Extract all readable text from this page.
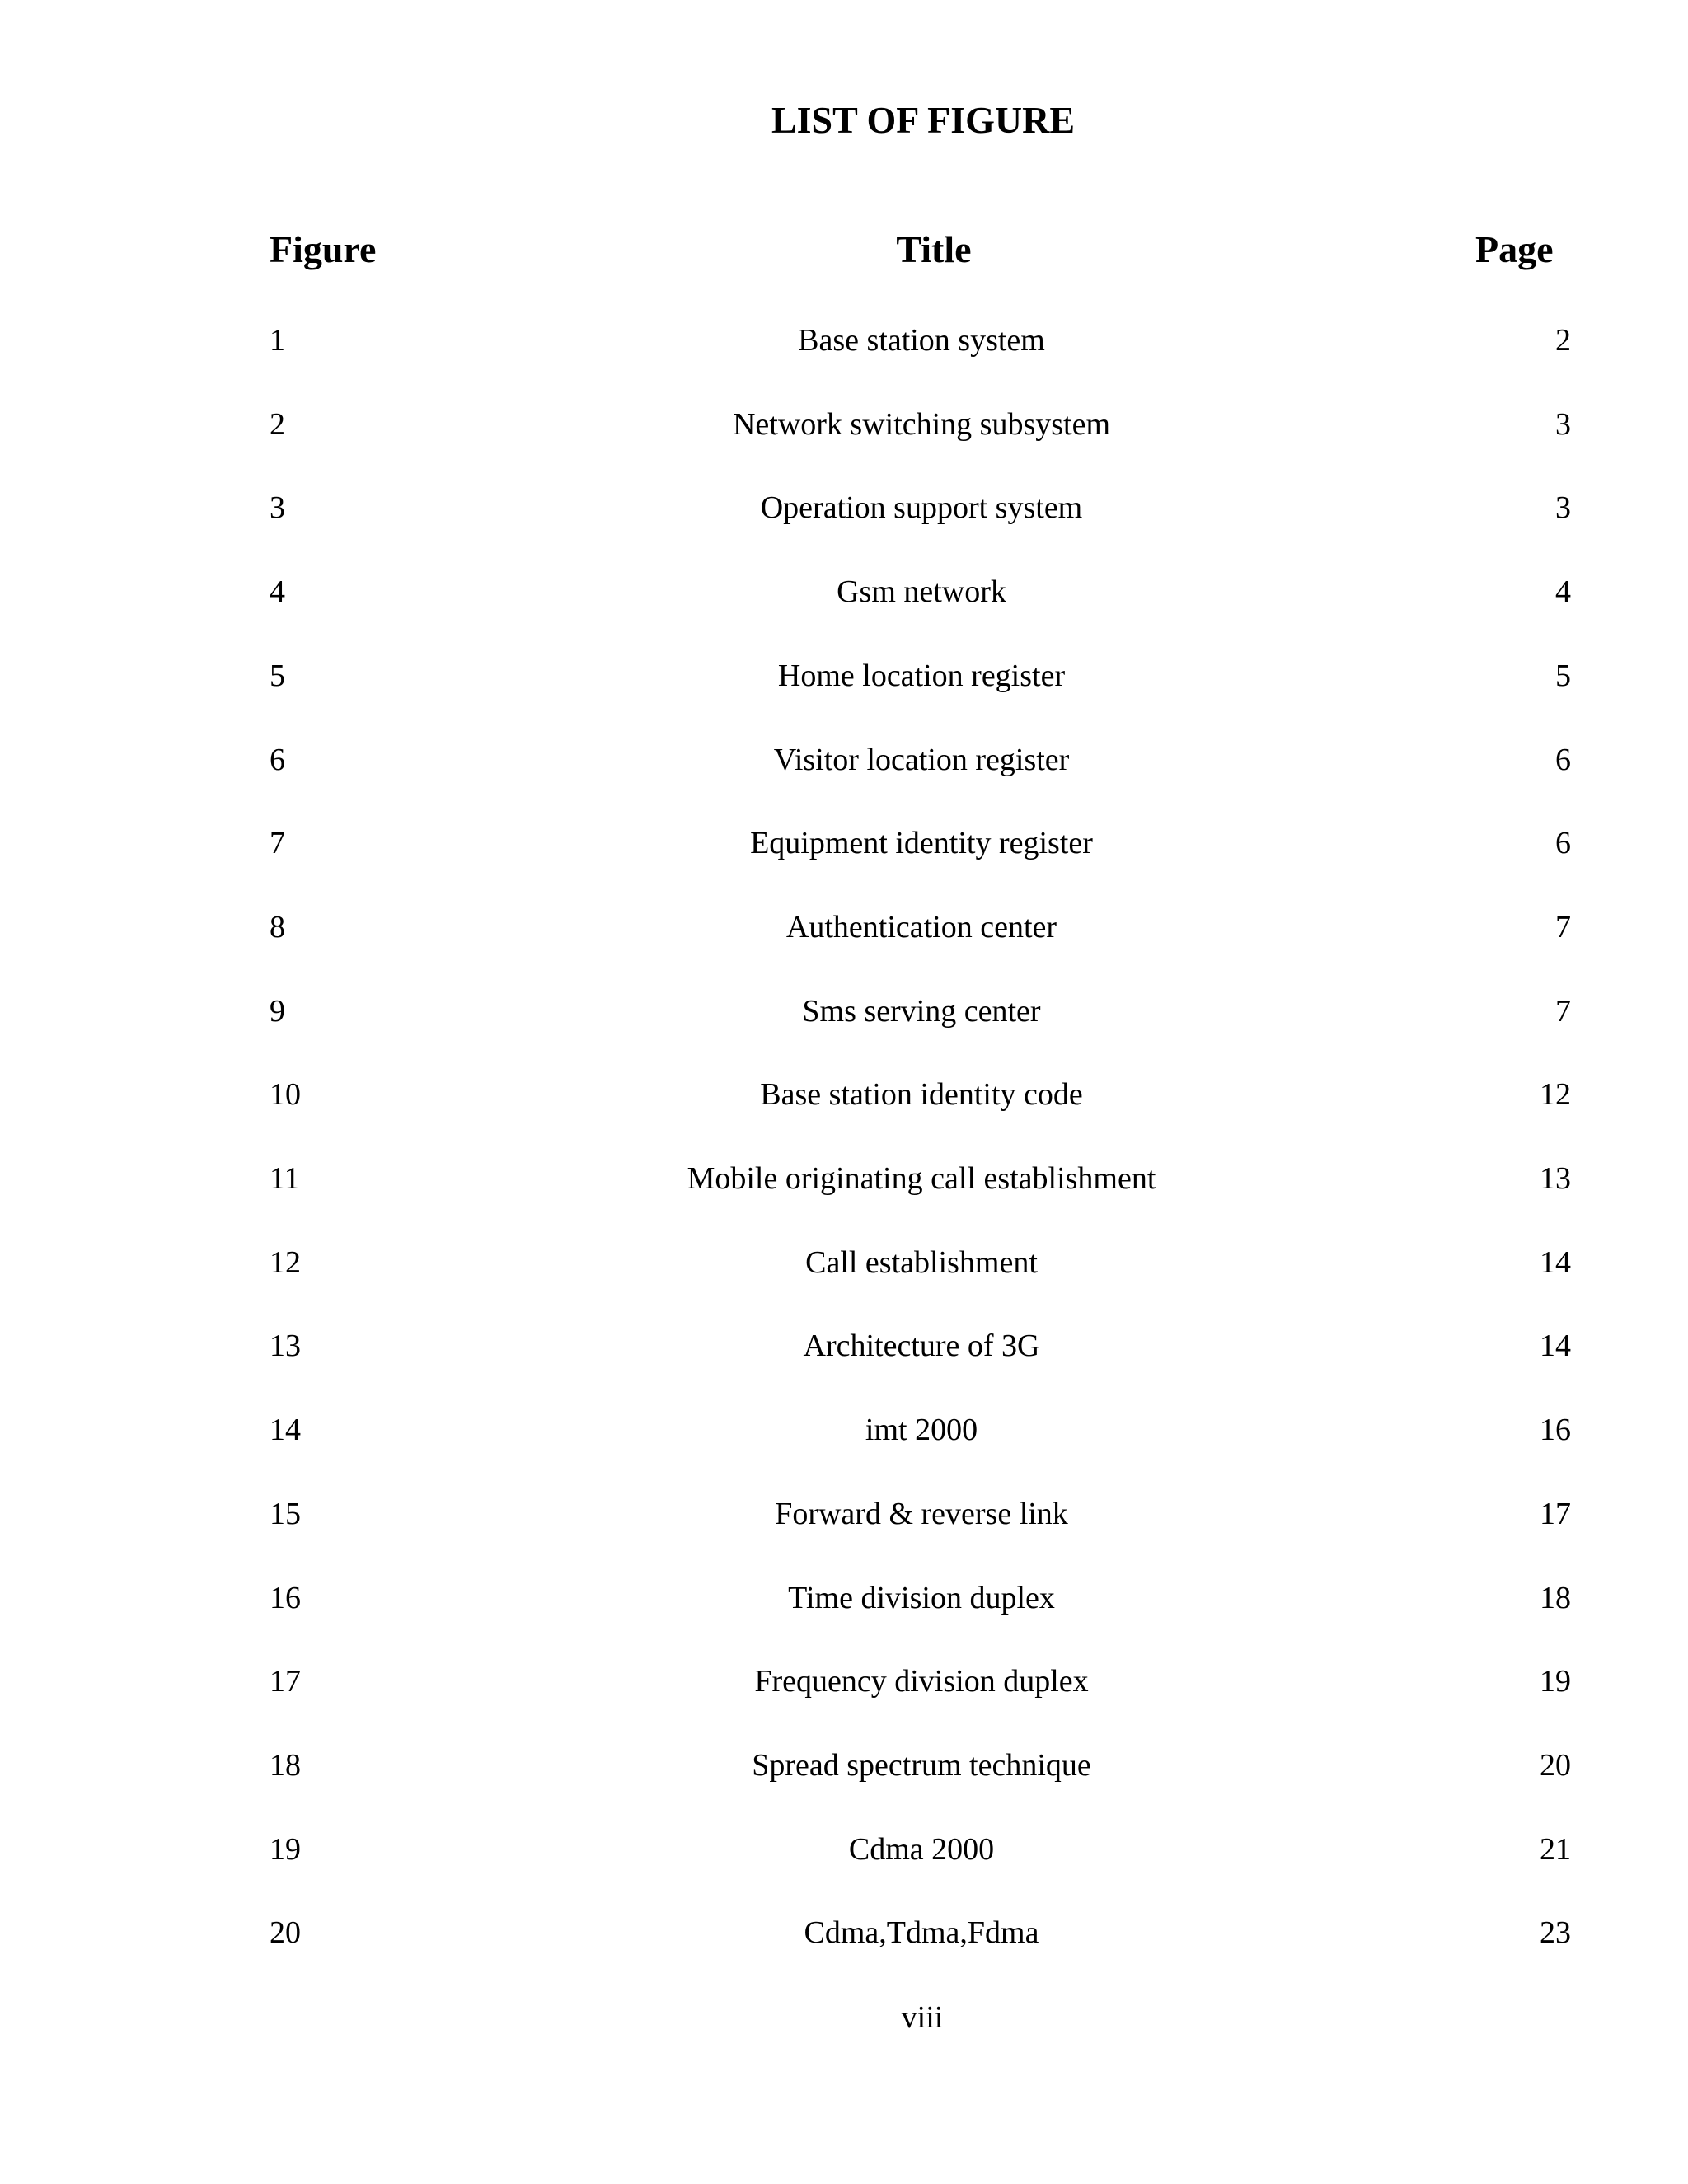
LIST OF FIGURE
Figure	Title	Page
1	Base station system	2
2	Network switching subsystem	3
3	Operation support system	3
4	Gsm network	4
5	Home location register	5
6	Visitor location register	6
7	Equipment identity register	6
8	Authentication center	7
9	Sms serving center	7
10	Base station identity code	12
11	Mobile originating call establishment	13
12	Call establishment	14
13	Architecture of 3G	14
14	imt 2000	16
15	Forward & reverse link	17
16	Time division duplex	18
17	Frequency division duplex	19
18	Spread spectrum technique	20
19	Cdma 2000	21
20	Cdma,Tdma,Fdma	23
viii
